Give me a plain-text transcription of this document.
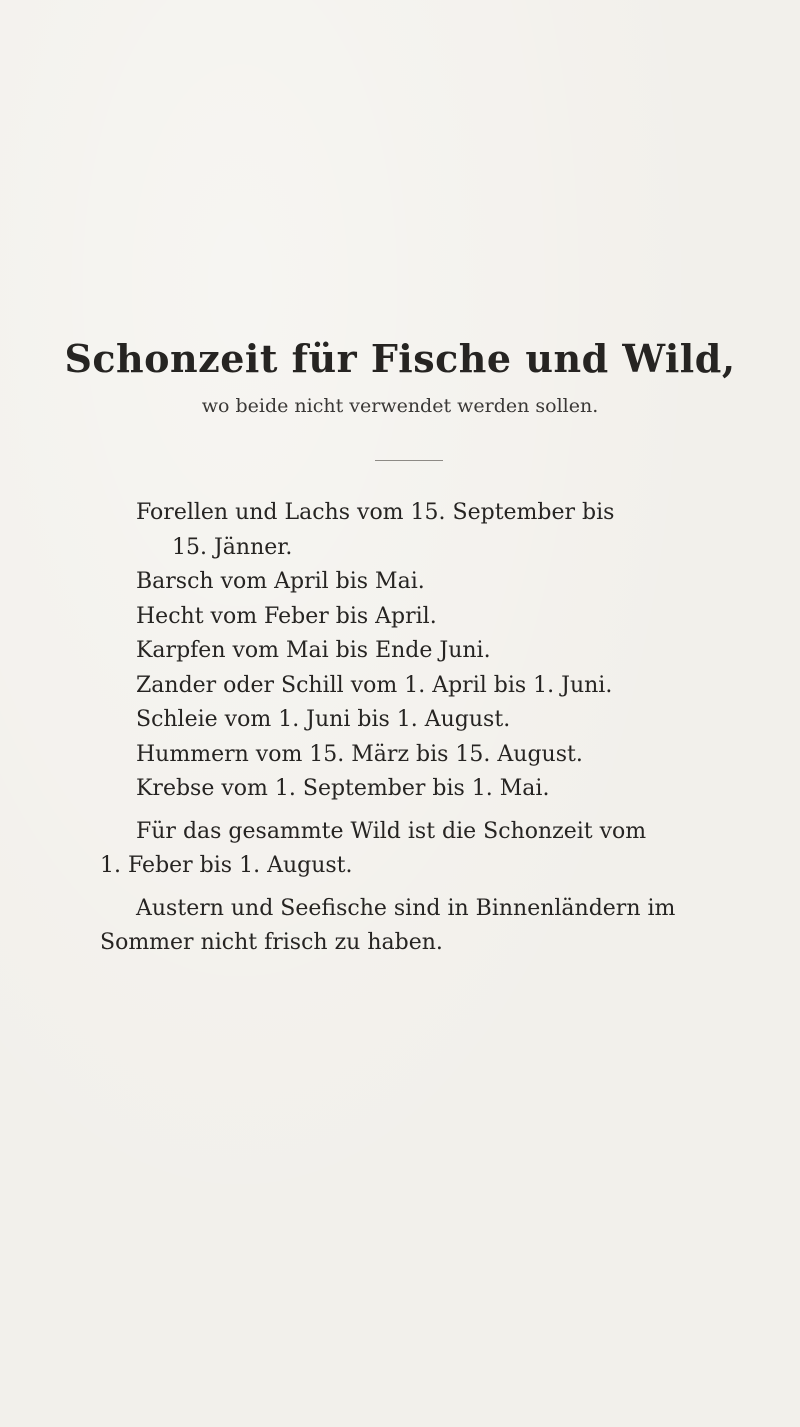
Schonzeit für Fische und Wild,
wo beide nicht verwendet werden sollen.
Forellen und Lachs vom 15. September bis
15. Jänner.
Barsch vom April bis Mai.
Hecht vom Feber bis April.
Karpfen vom Mai bis Ende Juni.
Zander oder Schill vom 1. April bis 1. Juni.
Schleie vom 1. Juni bis 1. August.
Hummern vom 15. März bis 15. August.
Krebse vom 1. September bis 1. Mai.
Für das gesammte Wild ist die Schonzeit vom
1. Feber bis 1. August.
Austern und Seefische sind in Binnenländern im
Sommer nicht frisch zu haben.
